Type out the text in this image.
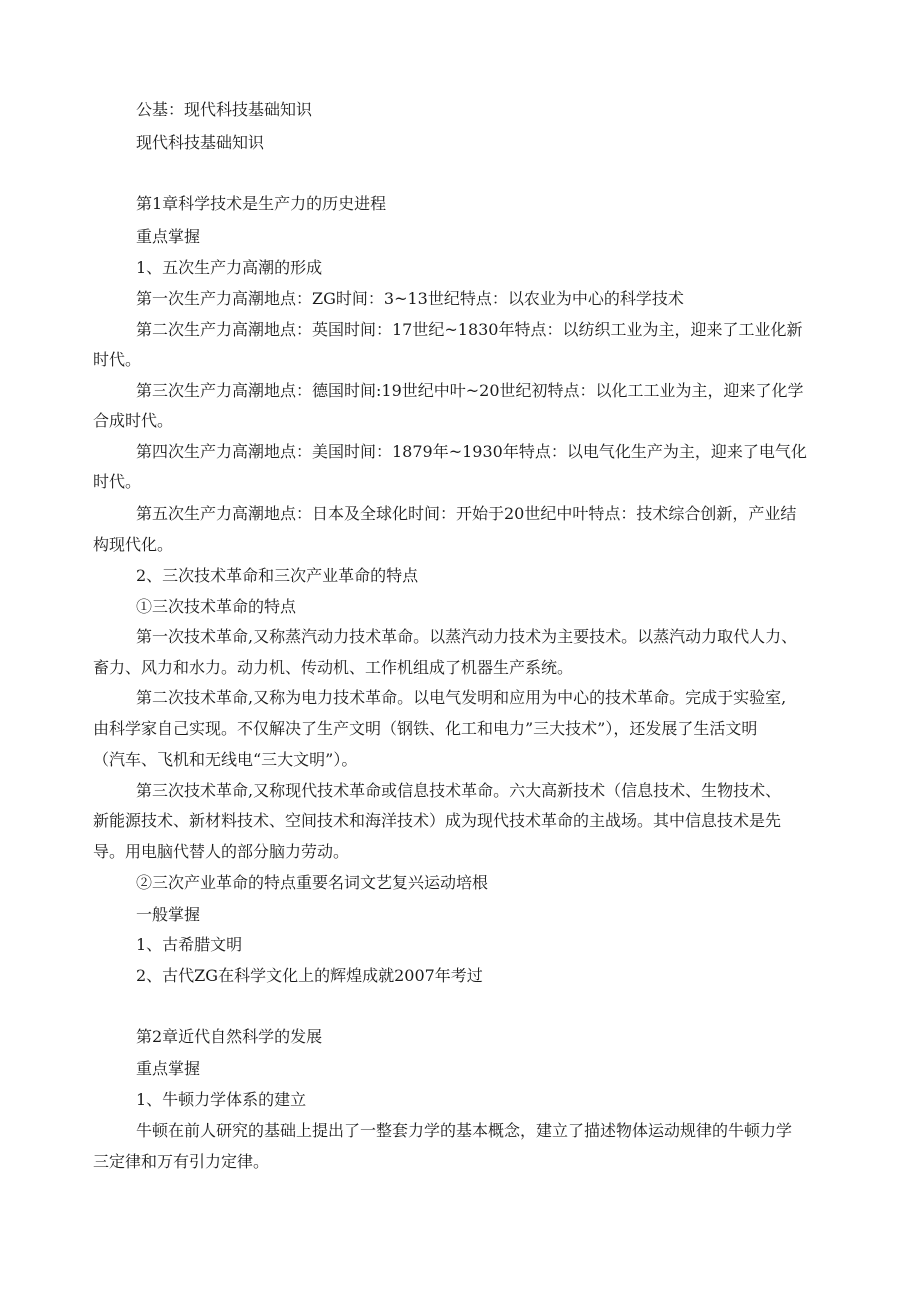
公基：现代科技基础知识

现代科技基础知识

第1章科学技术是生产力的历史进程

重点掌握

1、五次生产力高潮的形成

第一次生产力高潮地点：ZG时间：3~13世纪特点：以农业为中心的科学技术

第二次生产力高潮地点：英国时间：17世纪~1830年特点：以纺织工业为主，迎来了工业化新

时代。

第三次生产力高潮地点：德国时间:19世纪中叶~20世纪初特点：以化工工业为主，迎来了化学

合成时代。

第四次生产力高潮地点：美国时间：1879年~1930年特点：以电气化生产为主，迎来了电气化

时代。

第五次生产力高潮地点：日本及全球化时间：开始于20世纪中叶特点：技术综合创新，产业结

构现代化。

2、三次技术革命和三次产业革命的特点

①三次技术革命的特点

第一次技术革命,又称蒸汽动力技术革命。以蒸汽动力技术为主要技术。以蒸汽动力取代人力、

畜力、风力和水力。动力机、传动机、工作机组成了机器生产系统。

第二次技术革命,又称为电力技术革命。以电气发明和应用为中心的技术革命。完成于实验室,

由科学家自己实现。不仅解决了生产文明（钢铁、化工和电力”三大技术”），还发展了生活文明

（汽车、飞机和无线电“三大文明”）。

第三次技术革命,又称现代技术革命或信息技术革命。六大高新技术（信息技术、生物技术、

新能源技术、新材料技术、空间技术和海洋技术）成为现代技术革命的主战场。其中信息技术是先

导。用电脑代替人的部分脑力劳动。

②三次产业革命的特点重要名词文艺复兴运动培根

一般掌握

1、古希腊文明

2、古代ZG在科学文化上的辉煌成就2007年考过

第2章近代自然科学的发展

重点掌握

1、牛顿力学体系的建立

牛顿在前人研究的基础上提出了一整套力学的基本概念，建立了描述物体运动规律的牛顿力学

三定律和万有引力定律。
